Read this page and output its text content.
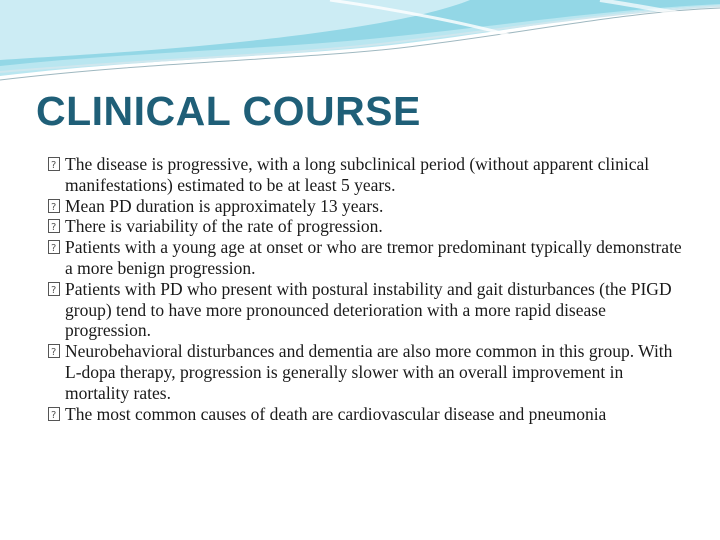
CLINICAL COURSE
?
The disease is progressive, with a long subclinical period (without apparent clinical manifestations) estimated to be at least 5 years.
?
Mean PD duration is approximately 13 years.
?
There is variability of the rate of progression.
?
Patients with a young age at onset or who are tremor predominant typically demonstrate a more benign progression.
?
Patients with PD who present with postural instability and gait disturbances (the PIGD group) tend to have more pronounced deterioration with a more rapid disease progression.
?
Neurobehavioral disturbances and dementia are also more common in this group. With L-dopa therapy, progression is generally slower with an overall improvement in mortality rates.
?
The most common causes of death are cardiovascular disease and pneumonia
